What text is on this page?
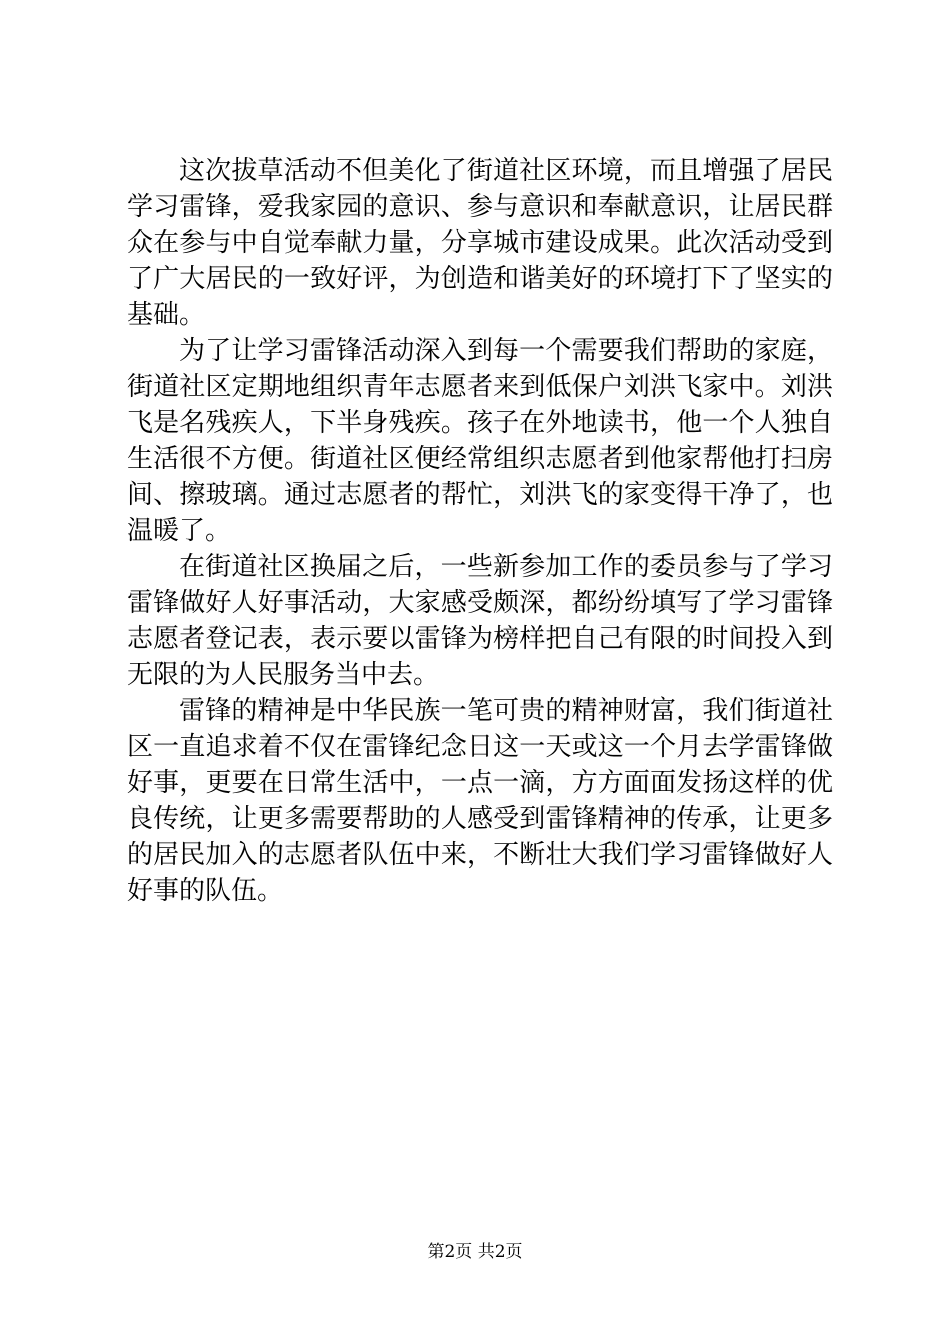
这次拔草活动不但美化了街道社区环境，而且增强了居民
学习雷锋，爱我家园的意识、参与意识和奉献意识，让居民群
众在参与中自觉奉献力量，分享城市建设成果。此次活动受到
了广大居民的一致好评，为创造和谐美好的环境打下了坚实的
基础。
为了让学习雷锋活动深入到每一个需要我们帮助的家庭，
街道社区定期地组织青年志愿者来到低保户刘洪飞家中。刘洪
飞是名残疾人，下半身残疾。孩子在外地读书，他一个人独自
生活很不方便。街道社区便经常组织志愿者到他家帮他打扫房
间、擦玻璃。通过志愿者的帮忙，刘洪飞的家变得干净了，也
温暖了。
在街道社区换届之后，一些新参加工作的委员参与了学习
雷锋做好人好事活动，大家感受颇深，都纷纷填写了学习雷锋
志愿者登记表，表示要以雷锋为榜样把自己有限的时间投入到
无限的为人民服务当中去。
雷锋的精神是中华民族一笔可贵的精神财富，我们街道社
区一直追求着不仅在雷锋纪念日这一天或这一个月去学雷锋做
好事，更要在日常生活中，一点一滴，方方面面发扬这样的优
良传统，让更多需要帮助的人感受到雷锋精神的传承，让更多
的居民加入的志愿者队伍中来，不断壮大我们学习雷锋做好人
好事的队伍。
第2页 共2页
